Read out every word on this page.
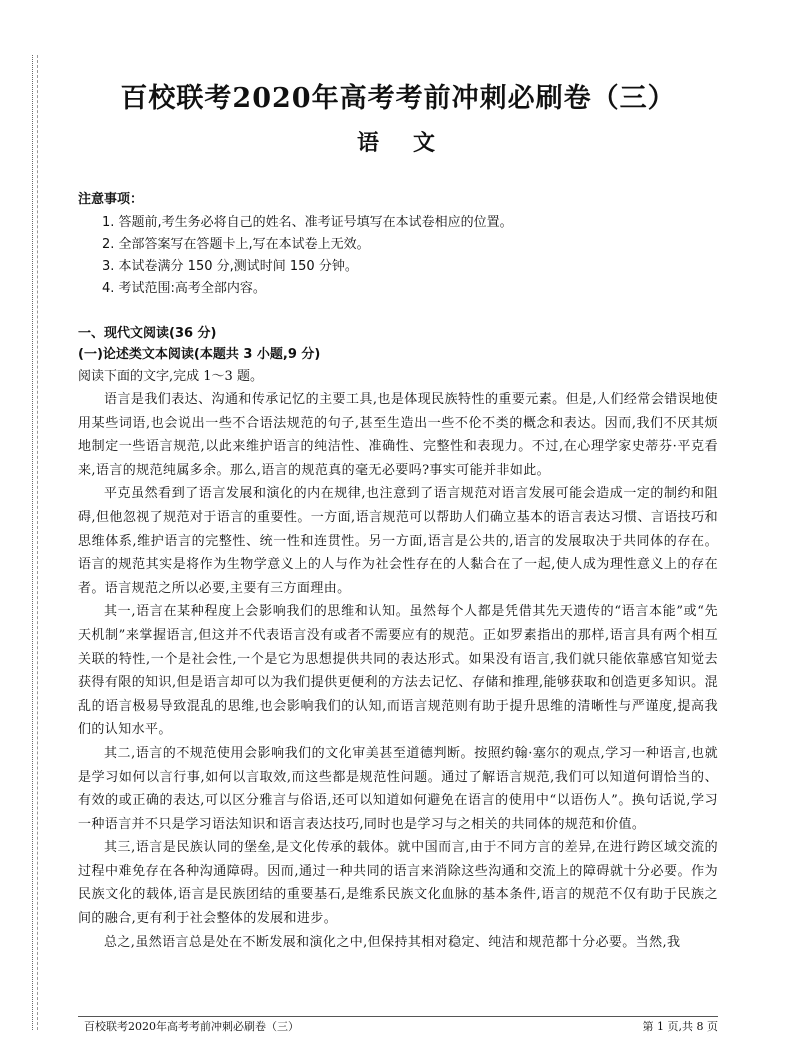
百校联考2020年高考考前冲刺必刷卷（三）
语文
注意事项：
1. 答题前,考生务必将自己的姓名、准考证号填写在本试卷相应的位置。
2. 全部答案写在答题卡上,写在本试卷上无效。
3. 本试卷满分 150 分,测试时间 150 分钟。
4. 考试范围:高考全部内容。
一、现代文阅读(36 分)
(一)论述类文本阅读(本题共 3 小题,9 分)
阅读下面的文字,完成 1～3 题。

语言是我们表达、沟通和传承记忆的主要工具,也是体现民族特性的重要元素。但是,人们经常会错误地使用某些词语,也会说出一些不合语法规范的句子,甚至生造出一些不伦不类的概念和表达。因而,我们不厌其烦地制定一些语言规范,以此来维护语言的纯洁性、准确性、完整性和表现力。不过,在心理学家史蒂芬·平克看来,语言的规范纯属多余。那么,语言的规范真的毫无必要吗?事实可能并非如此。

平克虽然看到了语言发展和演化的内在规律,也注意到了语言规范对语言发展可能会造成一定的制约和阻碍,但他忽视了规范对于语言的重要性。一方面,语言规范可以帮助人们确立基本的语言表达习惯、言语技巧和思维体系,维护语言的完整性、统一性和连贯性。另一方面,语言是公共的,语言的发展取决于共同体的存在。语言的规范其实是将作为生物学意义上的人与作为社会性存在的人黏合在了一起,使人成为理性意义上的存在者。语言规范之所以必要,主要有三方面理由。

其一,语言在某种程度上会影响我们的思维和认知。虽然每个人都是凭借其先天遗传的“语言本能”或“先天机制”来掌握语言,但这并不代表语言没有或者不需要应有的规范。正如罗素指出的那样,语言具有两个相互关联的特性,一个是社会性,一个是它为思想提供共同的表达形式。如果没有语言,我们就只能依靠感官知觉去获得有限的知识,但是语言却可以为我们提供更便利的方法去记忆、存储和推理,能够获取和创造更多知识。混乱的语言极易导致混乱的思维,也会影响我们的认知,而语言规范则有助于提升思维的清晰性与严谨度,提高我们的认知水平。

其二,语言的不规范使用会影响我们的文化审美甚至道德判断。按照约翰·塞尔的观点,学习一种语言,也就是学习如何以言行事,如何以言取效,而这些都是规范性问题。通过了解语言规范,我们可以知道何谓恰当的、有效的或正确的表达,可以区分雅言与俗语,还可以知道如何避免在语言的使用中“以语伤人”。换句话说,学习一种语言并不只是学习语法知识和语言表达技巧,同时也是学习与之相关的共同体的规范和价值。

其三,语言是民族认同的堡垒,是文化传承的载体。就中国而言,由于不同方言的差异,在进行跨区域交流的过程中难免存在各种沟通障碍。因而,通过一种共同的语言来消除这些沟通和交流上的障碍就十分必要。作为民族文化的载体,语言是民族团结的重要基石,是维系民族文化血脉的基本条件,语言的规范不仅有助于民族之间的融合,更有利于社会整体的发展和进步。

总之,虽然语言总是处在不断发展和演化之中,但保持其相对稳定、纯洁和规范都十分必要。当然,我

百校联考2020年高考考前冲刺必刷卷（三）	第 1 页,共 8 页
